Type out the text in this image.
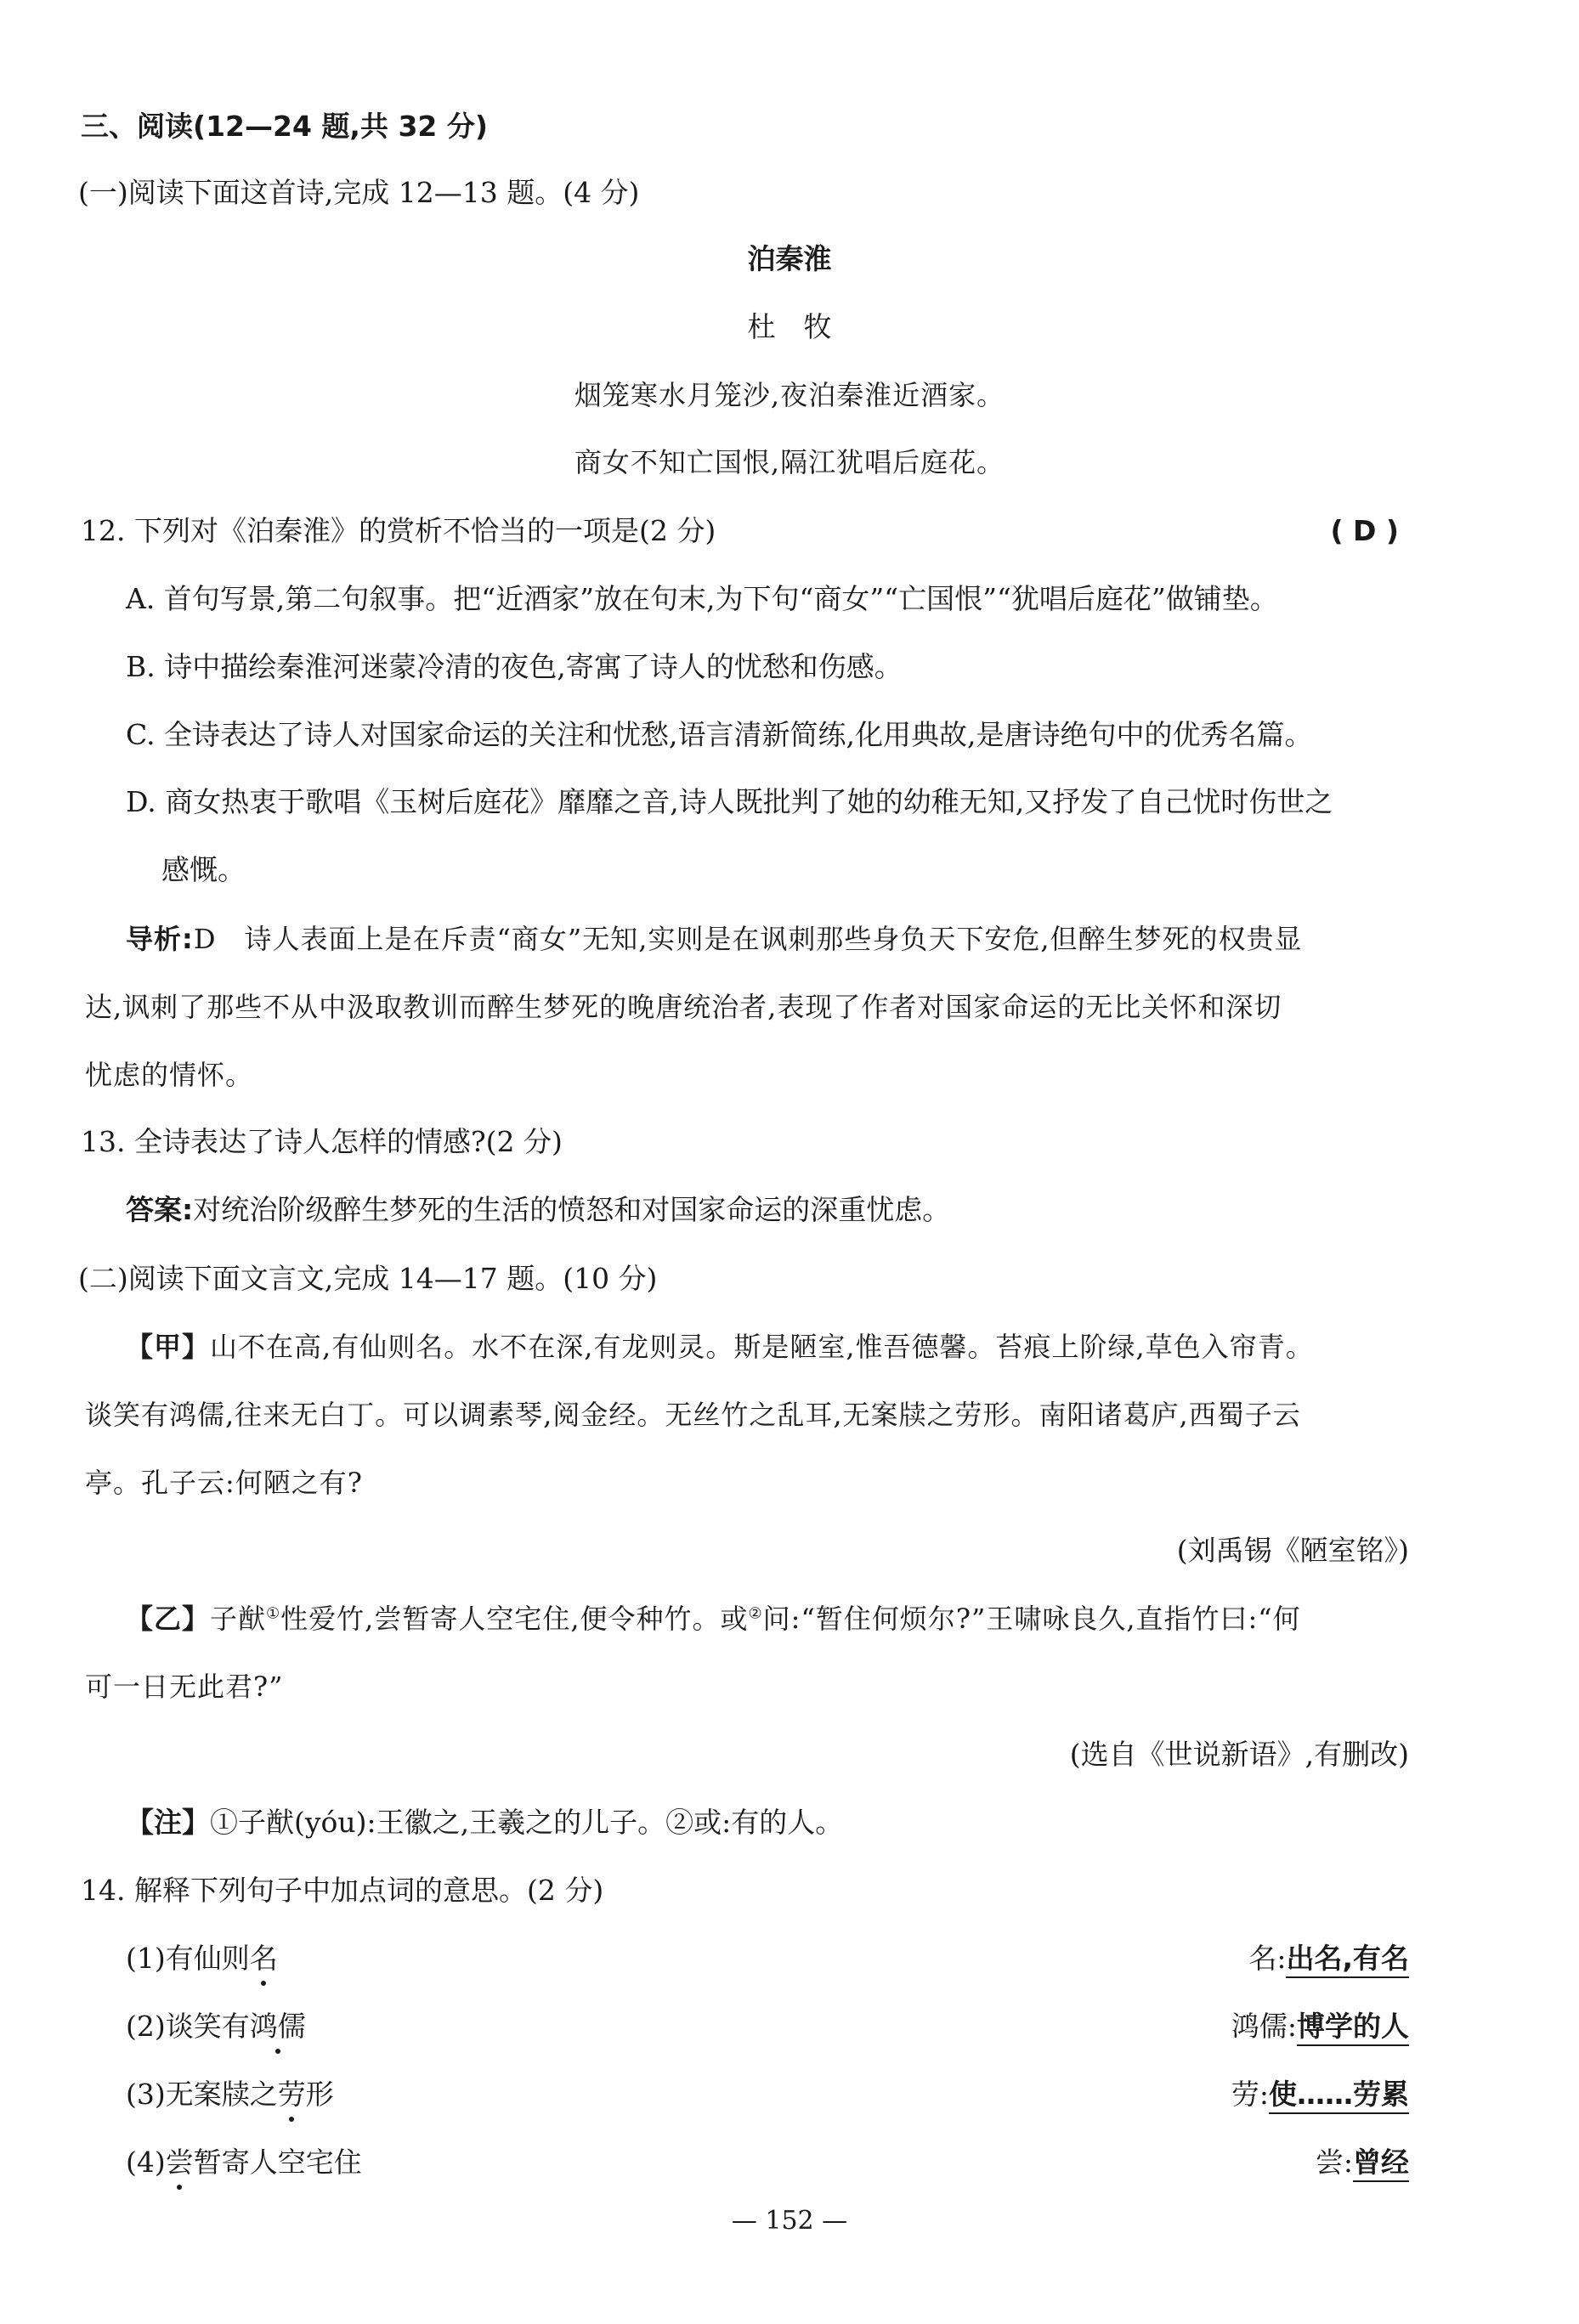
三、阅读(12—24 题,共 32 分)
(一)阅读下面这首诗,完成 12—13 题。(4 分)
泊秦淮
杜　牧
烟笼寒水月笼沙,夜泊秦淮近酒家。
商女不知亡国恨,隔江犹唱后庭花。
12. 下列对《泊秦淮》的赏析不恰当的一项是(2 分)	( D )
A. 首句写景,第二句叙事。把“近酒家”放在句末,为下句“商女”“亡国恨”“犹唱后庭花”做铺垫。
B. 诗中描绘秦淮河迷蒙冷清的夜色,寄寓了诗人的忧愁和伤感。
C. 全诗表达了诗人对国家命运的关注和忧愁,语言清新简练,化用典故,是唐诗绝句中的优秀名篇。
D. 商女热衷于歌唱《玉树后庭花》靡靡之音,诗人既批判了她的幼稚无知,又抒发了自己忧时伤世之
感慨。
导析:D　诗人表面上是在斥责“商女”无知,实则是在讽刺那些身负天下安危,但醉生梦死的权贵显
达,讽刺了那些不从中汲取教训而醉生梦死的晚唐统治者,表现了作者对国家命运的无比关怀和深切
忧虑的情怀。
13. 全诗表达了诗人怎样的情感?(2 分)
答案:对统治阶级醉生梦死的生活的愤怒和对国家命运的深重忧虑。
(二)阅读下面文言文,完成 14—17 题。(10 分)
【甲】山不在高,有仙则名。水不在深,有龙则灵。斯是陋室,惟吾德馨。苔痕上阶绿,草色入帘青。
谈笑有鸿儒,往来无白丁。可以调素琴,阅金经。无丝竹之乱耳,无案牍之劳形。南阳诸葛庐,西蜀子云
亭。孔子云:何陋之有?
(刘禹锡《陋室铭》)
【乙】子猷①性爱竹,尝暂寄人空宅住,便令种竹。或②问:“暂住何烦尔?”王啸咏良久,直指竹曰:“何
可一日无此君?”
(选自《世说新语》,有删改)
【注】①子猷(yóu):王徽之,王羲之的儿子。②或:有的人。
14. 解释下列句子中加点词的意思。(2 分)
(1)有仙则名	名:出名,有名
(2)谈笑有鸿儒	鸿儒:博学的人
(3)无案牍之劳形	劳:使……劳累
(4)尝暂寄人空宅住	尝:曾经
— 152 —
